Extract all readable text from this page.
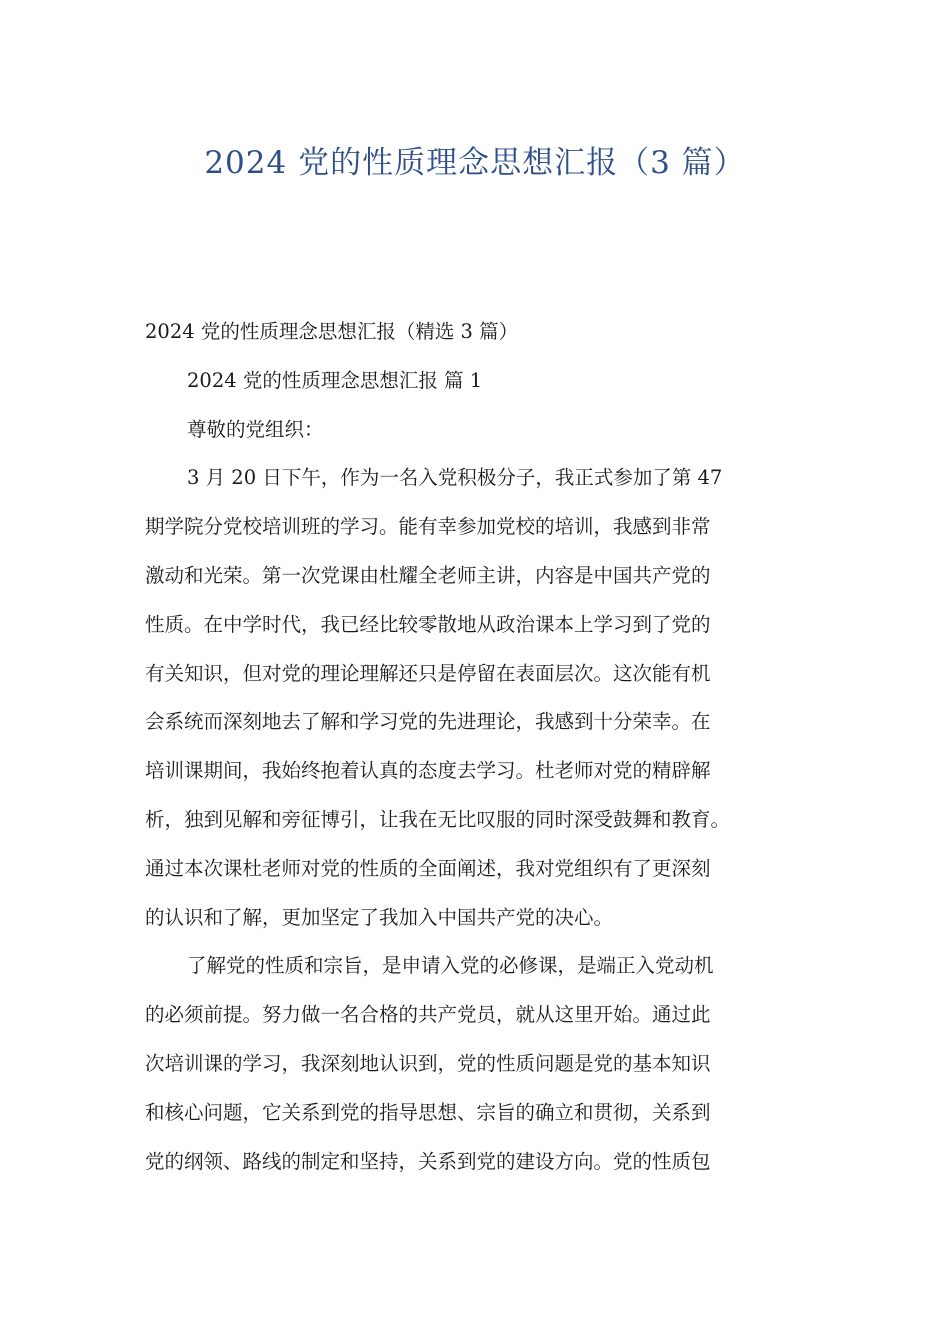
2024 党的性质理念思想汇报（3 篇）

2024 党的性质理念思想汇报（精选 3 篇）

2024 党的性质理念思想汇报 篇 1

尊敬的党组织：

3 月 20 日下午，作为一名入党积极分子，我正式参加了第 47

期学院分党校培训班的学习。能有幸参加党校的培训，我感到非常

激动和光荣。第一次党课由杜耀全老师主讲，内容是中国共产党的

性质。在中学时代，我已经比较零散地从政治课本上学习到了党的

有关知识，但对党的理论理解还只是停留在表面层次。这次能有机

会系统而深刻地去了解和学习党的先进理论，我感到十分荣幸。在

培训课期间，我始终抱着认真的态度去学习。杜老师对党的精辟解

析，独到见解和旁征博引，让我在无比叹服的同时深受鼓舞和教育。

通过本次课杜老师对党的性质的全面阐述，我对党组织有了更深刻

的认识和了解，更加坚定了我加入中国共产党的决心。

了解党的性质和宗旨，是申请入党的必修课，是端正入党动机

的必须前提。努力做一名合格的共产党员，就从这里开始。通过此

次培训课的学习，我深刻地认识到，党的性质问题是党的基本知识

和核心问题，它关系到党的指导思想、宗旨的确立和贯彻，关系到

党的纲领、路线的制定和坚持，关系到党的建设方向。党的性质包
